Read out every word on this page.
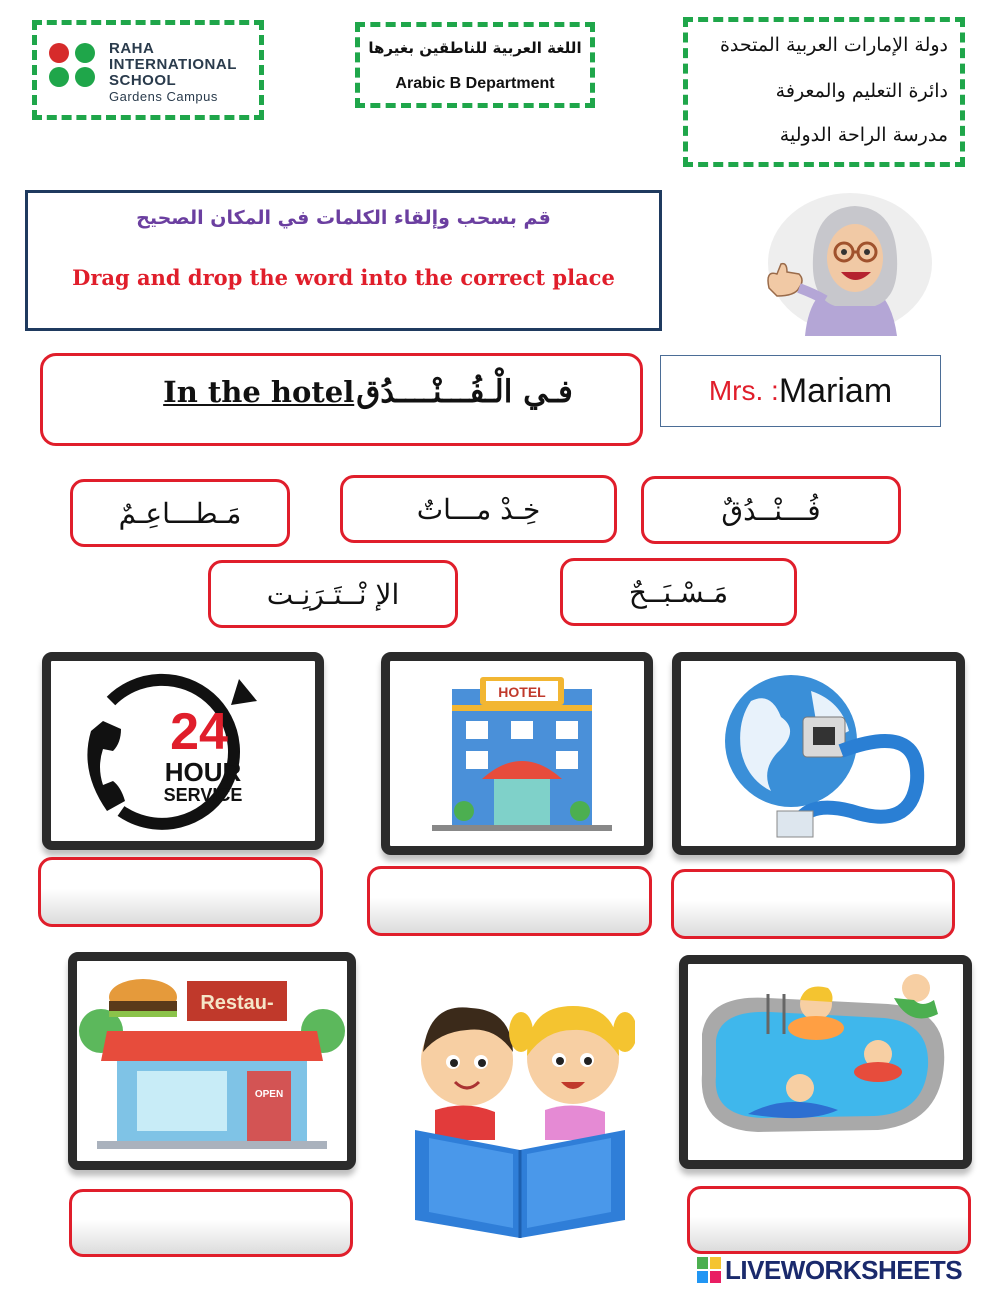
RAHA
INTERNATIONAL
SCHOOL
Gardens Campus
اللغة العربية للناطقين بغيرها
Arabic B Department
دولة الإمارات العربية المتحدة
دائرة التعليم والمعرفة
مدرسة الراحة الدولية
قم بسحب وإلقاء الكلمات في المكان الصحيح
Drag and drop the word into the correct place
In the hotel فـي الْـفُـــنْــــدُق	Mrs. : Mariam
مَـطـــاعِـمٌ	خِـدْ مـــاتٌ	فُـــنْــدُقٌ
الإ نْــتَـرَنِـت	مَـسْـبَــحٌ
24
HOUR
SERVICE
HOTEL
Restau-
OPEN
LIVEWORKSHEETS
